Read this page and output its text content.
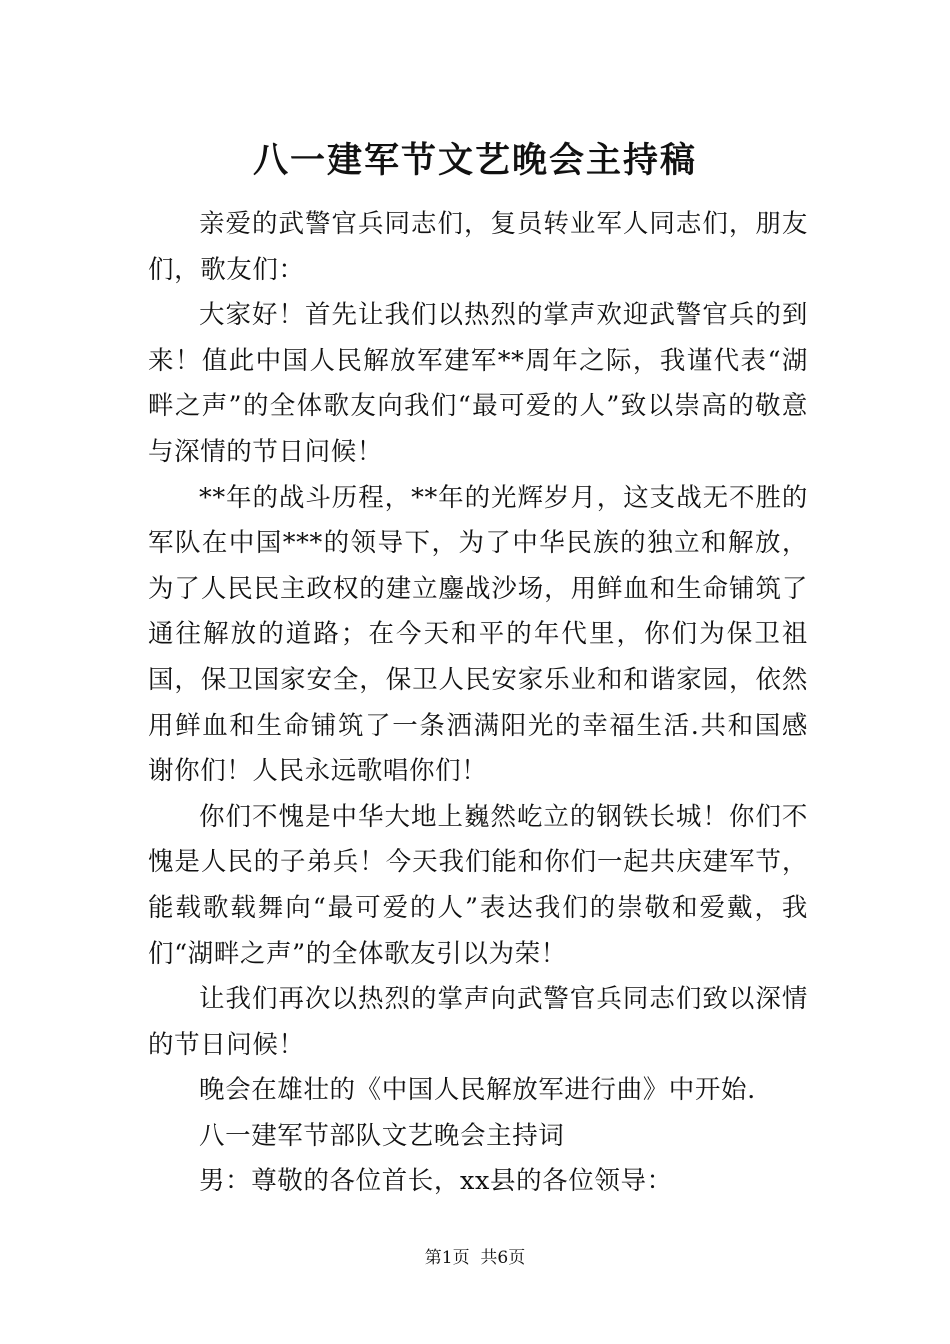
八一建军节文艺晚会主持稿

亲爱的武警官兵同志们，复员转业军人同志们，朋友们，歌友们：

大家好！首先让我们以热烈的掌声欢迎武警官兵的到来！值此中国人民解放军建军**周年之际，我谨代表“湖畔之声”的全体歌友向我们“最可爱的人”致以崇高的敬意与深情的节日问候！

**年的战斗历程，**年的光辉岁月，这支战无不胜的军队在中国***的领导下，为了中华民族的独立和解放，为了人民民主政权的建立鏖战沙场，用鲜血和生命铺筑了通往解放的道路；在今天和平的年代里，你们为保卫祖国，保卫国家安全，保卫人民安家乐业和和谐家园，依然用鲜血和生命铺筑了一条洒满阳光的幸福生活.共和国感谢你们！人民永远歌唱你们！

你们不愧是中华大地上巍然屹立的钢铁长城！你们不愧是人民的子弟兵！今天我们能和你们一起共庆建军节，能载歌载舞向“最可爱的人”表达我们的崇敬和爱戴，我们“湖畔之声”的全体歌友引以为荣！

让我们再次以热烈的掌声向武警官兵同志们致以深情的节日问候！

晚会在雄壮的《中国人民解放军进行曲》中开始.

八一建军节部队文艺晚会主持词

男：尊敬的各位首长，xx县的各位领导：

第1页  共6页
